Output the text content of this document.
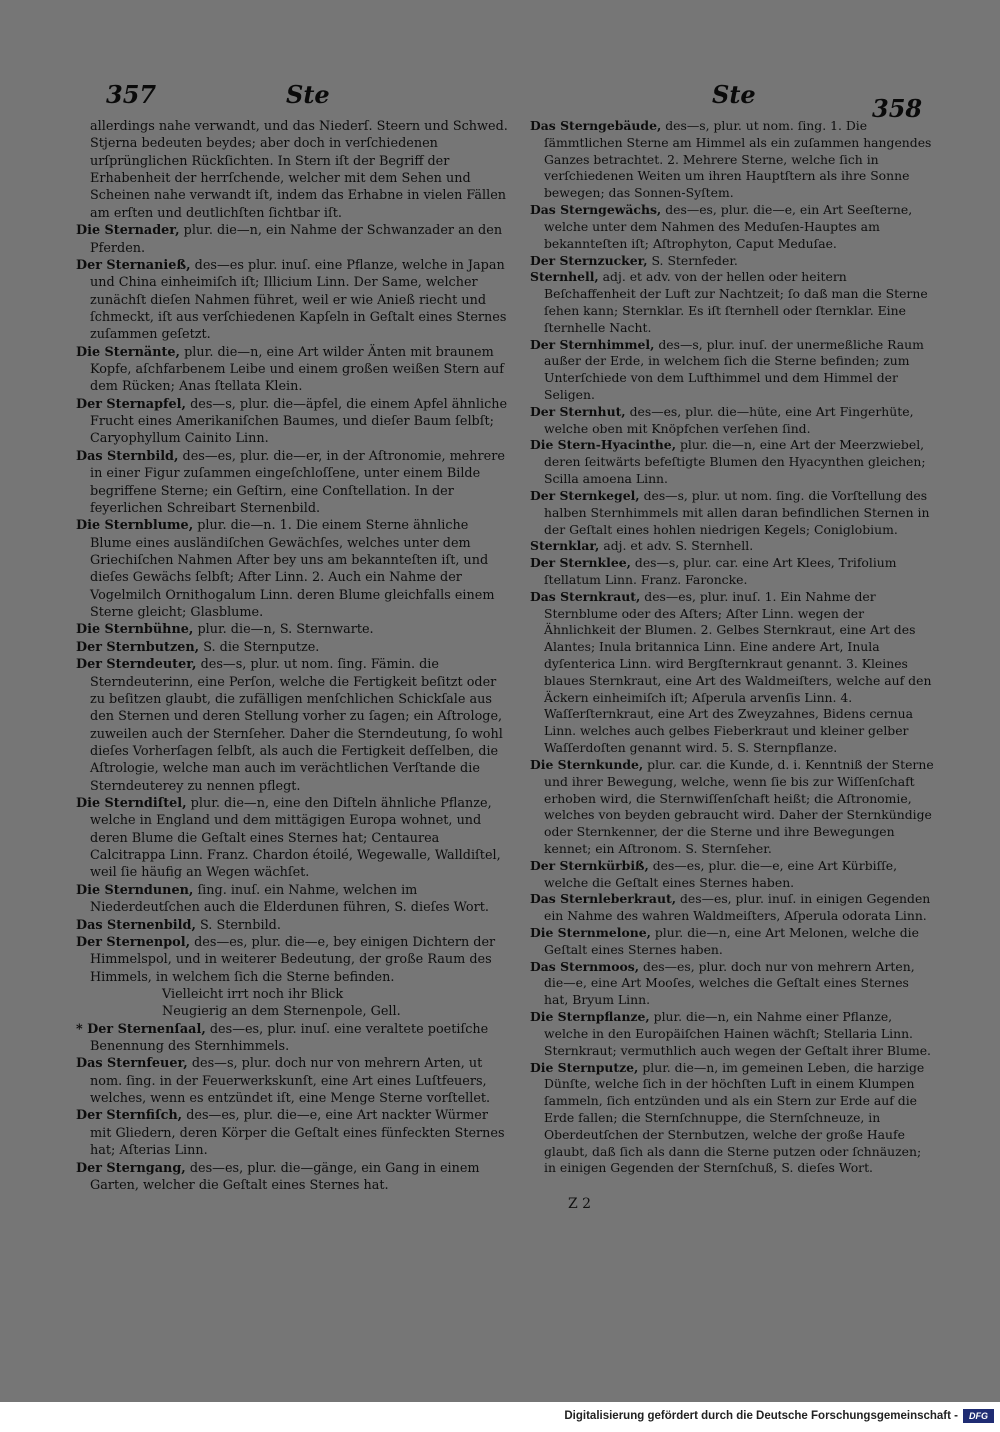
357	Ste	Ste	358

allerdings nahe verwandt, und das Niederſ. Steern und Schwed. Stjerna bedeuten beydes; aber doch in verſchiedenen urſprünglichen Rückſichten. In Stern iſt der Begriff der Erhabenheit der herrſchende, welcher mit dem Sehen und Scheinen nahe verwandt iſt, indem das Erhabne in vielen Fällen am erſten und deutlichſten ſichtbar iſt.

Die Sternader, plur. die—n, ein Nahme der Schwanzader an den Pferden.

Der Sternanieß, des—es plur. inuſ. eine Pflanze, welche in Japan und China einheimiſch iſt; Illicium Linn. Der Same, welcher zunächſt dieſen Nahmen führet, weil er wie Anieß riecht und ſchmeckt, iſt aus verſchiedenen Kapſeln in Geſtalt eines Sternes zuſammen geſetzt.

Die Sternänte, plur. die—n, eine Art wilder Änten mit braunem Kopfe, aſchfarbenem Leibe und einem großen weißen Stern auf dem Rücken; Anas ſtellata Klein.

Der Sternapfel, des—s, plur. die—äpfel, die einem Apfel ähnliche Frucht eines Amerikaniſchen Baumes, und dieſer Baum ſelbſt; Caryophyllum Cainito Linn.

Das Sternbild, des—es, plur. die—er, in der Aſtronomie, mehrere in einer Figur zuſammen eingeſchloſſene, unter einem Bilde begriffene Sterne; ein Geſtirn, eine Conſtellation. In der feyerlichen Schreibart Sternenbild.

Die Sternblume, plur. die—n. 1. Die einem Sterne ähnliche Blume eines ausländiſchen Gewächſes, welches unter dem Griechiſchen Nahmen After bey uns am bekannteſten iſt, und dieſes Gewächs ſelbſt; After Linn. 2. Auch ein Nahme der Vogelmilch Ornithogalum Linn. deren Blume gleichfalls einem Sterne gleicht; Glasblume.

Die Sternbühne, plur. die—n, S. Sternwarte.

Der Sternbutzen, S. die Sternputze.

Der Sterndeuter, des—s, plur. ut nom. ſing. Fämin. die Sterndeuterinn, eine Perſon, welche die Fertigkeit beſitzt oder zu beſitzen glaubt, die zufälligen menſchlichen Schickſale aus den Sternen und deren Stellung vorher zu ſagen; ein Aſtrologe, zuweilen auch der Sternſeher. Daher die Sterndeutung, ſo wohl dieſes Vorherſagen ſelbſt, als auch die Fertigkeit deſſelben, die Aſtrologie, welche man auch im verächtlichen Verſtande die Sterndeuterey zu nennen pflegt.

Die Sterndiſtel, plur. die—n, eine den Diſteln ähnliche Pflanze, welche in England und dem mittägigen Europa wohnet, und deren Blume die Geſtalt eines Sternes hat; Centaurea Calcitrappa Linn. Franz. Chardon étoilé, Wegewalle, Walldiſtel, weil ſie häufig an Wegen wächſet.

Die Sterndunen, ſing. inuſ. ein Nahme, welchen im Niederdeutſchen auch die Elderdunen führen, S. dieſes Wort.

Das Sternenbild, S. Sternbild.

Der Sternenpol, des—es, plur. die—e, bey einigen Dichtern der Himmelspol, und in weiterer Bedeutung, der große Raum des Himmels, in welchem ſich die Sterne befinden.

Vielleicht irrt noch ihr Blick

Neugierig an dem Sternenpole, Gell.

* Der Sternenſaal, des—es, plur. inuſ. eine veraltete poetiſche Benennung des Sternhimmels.

Das Sternfeuer, des—s, plur. doch nur von mehrern Arten, ut nom. ſing. in der Feuerwerkskunſt, eine Art eines Luſtfeuers, welches, wenn es entzündet iſt, eine Menge Sterne vorſtellet.

Der Sternfiſch, des—es, plur. die—e, eine Art nackter Würmer mit Gliedern, deren Körper die Geſtalt eines fünfeckten Sternes hat; Aſterias Linn.

Der Sterngang, des—es, plur. die—gänge, ein Gang in einem Garten, welcher die Geſtalt eines Sternes hat.

Das Sterngebäude, des—s, plur. ut nom. ſing. 1. Die ſämmtlichen Sterne am Himmel als ein zuſammen hangendes Ganzes betrachtet. 2. Mehrere Sterne, welche ſich in verſchiedenen Weiten um ihren Hauptſtern als ihre Sonne bewegen; das Sonnen-Syſtem.

Das Sterngewächs, des—es, plur. die—e, ein Art Seeſterne, welche unter dem Nahmen des Meduſen-Hauptes am bekannteſten iſt; Aſtrophyton, Caput Meduſae.

Der Sternzucker, S. Sternfeder.

Sternhell, adj. et adv. von der hellen oder heitern Beſchaffenheit der Luft zur Nachtzeit; ſo daß man die Sterne ſehen kann; Sternklar. Es iſt ſternhell oder ſternklar. Eine ſternhelle Nacht.

Der Sternhimmel, des—s, plur. inuſ. der unermeßliche Raum außer der Erde, in welchem ſich die Sterne befinden; zum Unterſchiede von dem Lufthimmel und dem Himmel der Seligen.

Der Sternhut, des—es, plur. die—hüte, eine Art Fingerhüte, welche oben mit Knöpfchen verſehen ſind.

Die Stern-Hyacinthe, plur. die—n, eine Art der Meerzwiebel, deren ſeitwärts befeſtigte Blumen den Hyacynthen gleichen; Scilla amoena Linn.

Der Sternkegel, des—s, plur. ut nom. ſing. die Vorſtellung des halben Sternhimmels mit allen daran befindlichen Sternen in der Geſtalt eines hohlen niedrigen Kegels; Coniglobium.

Sternklar, adj. et adv. S. Sternhell.

Der Sternklee, des—s, plur. car. eine Art Klees, Trifolium ſtellatum Linn. Franz. Faroncke.

Das Sternkraut, des—es, plur. inuſ. 1. Ein Nahme der Sternblume oder des Aſters; Aſter Linn. wegen der Ähnlichkeit der Blumen. 2. Gelbes Sternkraut, eine Art des Alantes; Inula britannica Linn. Eine andere Art, Inula dyſenterica Linn. wird Bergſternkraut genannt. 3. Kleines blaues Sternkraut, eine Art des Waldmeiſters, welche auf den Äckern einheimiſch iſt; Aſperula arvenſis Linn. 4. Waſſerſternkraut, eine Art des Zweyzahnes, Bidens cernua Linn. welches auch gelbes Fieberkraut und kleiner gelber Waſſerdoſten genannt wird. 5. S. Sternpflanze.

Die Sternkunde, plur. car. die Kunde, d. i. Kenntniß der Sterne und ihrer Bewegung, welche, wenn ſie bis zur Wiſſenſchaft erhoben wird, die Sternwiſſenſchaft heißt; die Aſtronomie, welches von beyden gebraucht wird. Daher der Sternkündige oder Sternkenner, der die Sterne und ihre Bewegungen kennet; ein Aſtronom. S. Sternſeher.

Der Sternkürbiß, des—es, plur. die—e, eine Art Kürbiſſe, welche die Geſtalt eines Sternes haben.

Das Sternleberkraut, des—es, plur. inuſ. in einigen Gegenden ein Nahme des wahren Waldmeiſters, Aſperula odorata Linn.

Die Sternmelone, plur. die—n, eine Art Melonen, welche die Geſtalt eines Sternes haben.

Das Sternmoos, des—es, plur. doch nur von mehrern Arten, die—e, eine Art Mooſes, welches die Geſtalt eines Sternes hat, Bryum Linn.

Die Sternpflanze, plur. die—n, ein Nahme einer Pflanze, welche in den Europäiſchen Hainen wächſt; Stellaria Linn. Sternkraut; vermuthlich auch wegen der Geſtalt ihrer Blume.

Die Sternputze, plur. die—n, im gemeinen Leben, die harzige Dünſte, welche ſich in der höchſten Luft in einem Klumpen ſammeln, ſich entzünden und als ein Stern zur Erde auf die Erde fallen; die Sternſchnuppe, die Sternſchneuze, in Oberdeutſchen der Sternbutzen, welche der große Haufe glaubt, daß ſich als dann die Sterne putzen oder ſchnäuzen; in einigen Gegenden der Sternſchuß, S. dieſes Wort.

Z 2
Digitalisierung gefördert durch die Deutsche Forschungsgemeinschaft -	DFG
